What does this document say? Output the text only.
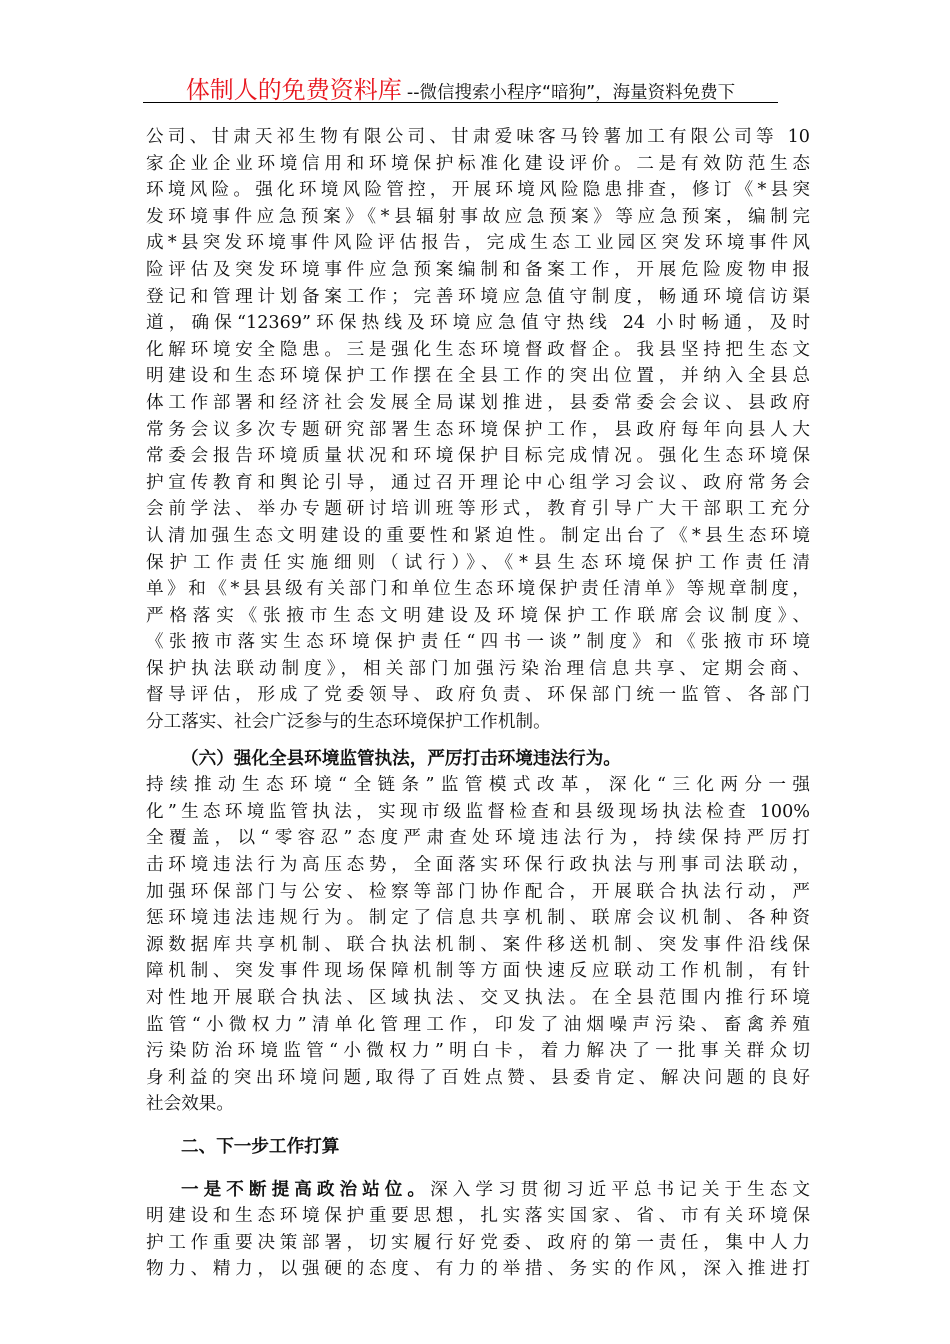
体制人的免费资料库 --微信搜索小程序“暗狗”，海量资料免费下
公司、甘肃天祁生物有限公司、甘肃爱味客马铃薯加工有限公司等 10
家企业企业环境信用和环境保护标准化建设评价。二是有效防范生态
环境风险。强化环境风险管控，开展环境风险隐患排查，修订《*县突
发环境事件应急预案》《*县辐射事故应急预案》等应急预案，编制完
成*县突发环境事件风险评估报告，完成生态工业园区突发环境事件风
险评估及突发环境事件应急预案编制和备案工作，开展危险废物申报
登记和管理计划备案工作；完善环境应急值守制度，畅通环境信访渠
道，确保“12369”环保热线及环境应急值守热线 24 小时畅通，及时
化解环境安全隐患。三是强化生态环境督政督企。我县坚持把生态文
明建设和生态环境保护工作摆在全县工作的突出位置，并纳入全县总
体工作部署和经济社会发展全局谋划推进，县委常委会会议、县政府
常务会议多次专题研究部署生态环境保护工作，县政府每年向县人大
常委会报告环境质量状况和环境保护目标完成情况。强化生态环境保
护宣传教育和舆论引导，通过召开理论中心组学习会议、政府常务会
会前学法、举办专题研讨培训班等形式，教育引导广大干部职工充分
认清加强生态文明建设的重要性和紧迫性。制定出台了《*县生态环境
保护工作责任实施细则（试行）》、《*县生态环境保护工作责任清
单》和《*县县级有关部门和单位生态环境保护责任清单》等规章制度，
严格落实《张掖市生态文明建设及环境保护工作联席会议制度》、
《张掖市落实生态环境保护责任“四书一谈”制度》和《张掖市环境
保护执法联动制度》，相关部门加强污染治理信息共享、定期会商、
督导评估，形成了党委领导、政府负责、环保部门统一监管、各部门
分工落实、社会广泛参与的生态环境保护工作机制。
（六）强化全县环境监管执法，严厉打击环境违法行为。
持续推动生态环境“全链条”监管模式改革，深化“三化两分一强
化”生态环境监管执法，实现市级监督检查和县级现场执法检查 100%
全覆盖，以“零容忍”态度严肃查处环境违法行为，持续保持严厉打
击环境违法行为高压态势，全面落实环保行政执法与刑事司法联动，
加强环保部门与公安、检察等部门协作配合，开展联合执法行动，严
惩环境违法违规行为。制定了信息共享机制、联席会议机制、各种资
源数据库共享机制、联合执法机制、案件移送机制、突发事件沿线保
障机制、突发事件现场保障机制等方面快速反应联动工作机制，有针
对性地开展联合执法、区域执法、交叉执法。在全县范围内推行环境
监管“小微权力”清单化管理工作，印发了油烟噪声污染、畜禽养殖
污染防治环境监管“小微权力”明白卡，着力解决了一批事关群众切
身利益的突出环境问题,取得了百姓点赞、县委肯定、解决问题的良好
社会效果。
二、下一步工作打算
一是不断提高政治站位。深入学习贯彻习近平总书记关于生态文
明建设和生态环境保护重要思想，扎实落实国家、省、市有关环境保
护工作重要决策部署，切实履行好党委、政府的第一责任，集中人力
物力、精力，以强硬的态度、有力的举措、务实的作风，深入推进打
